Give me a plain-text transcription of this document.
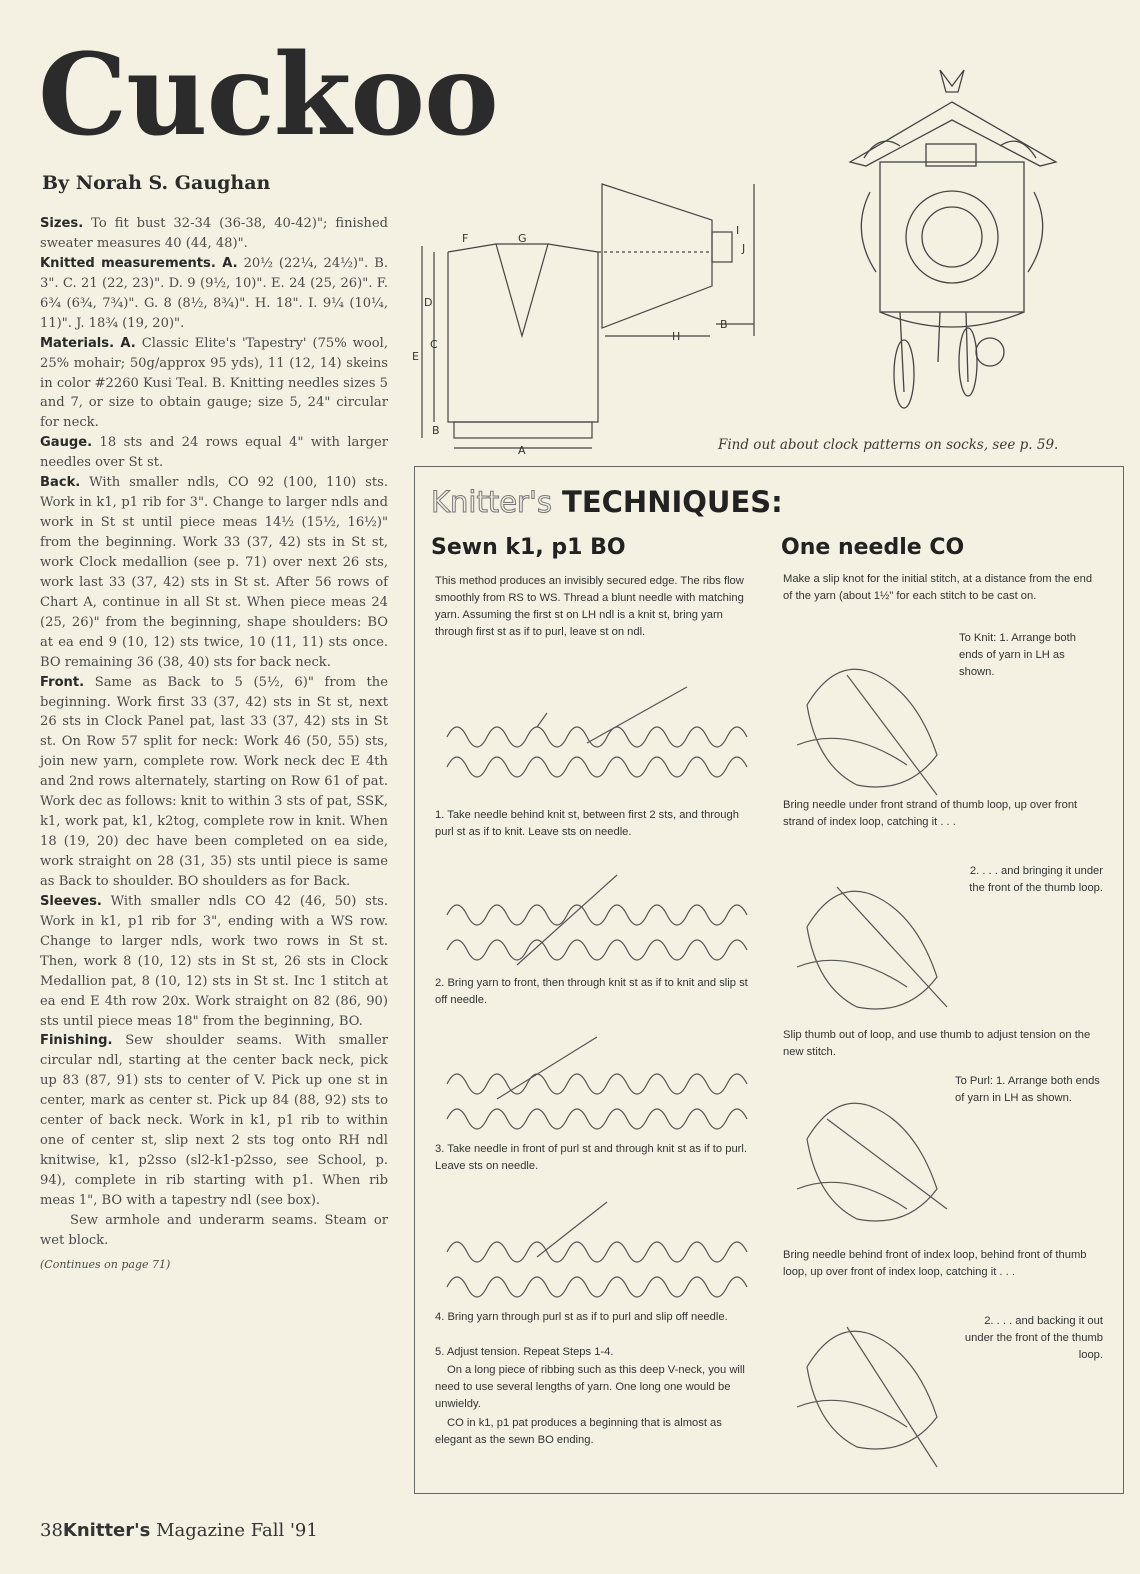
Cuckoo
By Norah S. Gaughan

Sizes. To fit bust 32-34 (36-38, 40-42)"; finished sweater measures 40 (44, 48)".

Knitted measurements. A. 20½ (22¼, 24½)". B. 3". C. 21 (22, 23)". D. 9 (9½, 10)". E. 24 (25, 26)". F. 6¾ (6¾, 7¾)". G. 8 (8½, 8¾)". H. 18". I. 9¼ (10¼, 11)". J. 18¾ (19, 20)".

Materials. A. Classic Elite's 'Tapestry' (75% wool, 25% mohair; 50g/approx 95 yds), 11 (12, 14) skeins in color #2260 Kusi Teal. B. Knitting needles sizes 5 and 7, or size to obtain gauge; size 5, 24" circular for neck.

Gauge. 18 sts and 24 rows equal 4" with larger needles over St st.

Back. With smaller ndls, CO 92 (100, 110) sts. Work in k1, p1 rib for 3". Change to larger ndls and work in St st until piece meas 14½ (15½, 16½)" from the beginning. Work 33 (37, 42) sts in St st, work Clock medallion (see p. 71) over next 26 sts, work last 33 (37, 42) sts in St st. After 56 rows of Chart A, continue in all St st. When piece meas 24 (25, 26)" from the beginning, shape shoulders: BO at ea end 9 (10, 12) sts twice, 10 (11, 11) sts once. BO remaining 36 (38, 40) sts for back neck.

Front. Same as Back to 5 (5½, 6)" from the beginning. Work first 33 (37, 42) sts in St st, next 26 sts in Clock Panel pat, last 33 (37, 42) sts in St st. On Row 57 split for neck: Work 46 (50, 55) sts, join new yarn, complete row. Work neck dec E 4th and 2nd rows alternately, starting on Row 61 of pat. Work dec as follows: knit to within 3 sts of pat, SSK, k1, work pat, k1, k2tog, complete row in knit. When 18 (19, 20) dec have been completed on ea side, work straight on 28 (31, 35) sts until piece is same as Back to shoulder. BO shoulders as for Back.

Sleeves. With smaller ndls CO 42 (46, 50) sts. Work in k1, p1 rib for 3", ending with a WS row. Change to larger ndls, work two rows in St st. Then, work 8 (10, 12) sts in St st, 26 sts in Clock Medallion pat, 8 (10, 12) sts in St st. Inc 1 stitch at ea end E 4th row 20x. Work straight on 82 (86, 90) sts until piece meas 18" from the beginning, BO.

Finishing. Sew shoulder seams. With smaller circular ndl, starting at the center back neck, pick up 83 (87, 91) sts to center of V. Pick up one st in center, mark as center st. Pick up 84 (88, 92) sts to center of back neck. Work in k1, p1 rib to within one of center st, slip next 2 sts tog onto RH ndl knitwise, k1, p2sso (sl2-k1-p2sso, see School, p. 94), complete in rib starting with p1. When rib meas 1", BO with a tapestry ndl (see box).

Sew armhole and underarm seams. Steam or wet block.

(Continues on page 71)

38Knitter's Magazine Fall '91
F	G
D
C
E
B
A
H
B
I
J
Find out about clock patterns on socks, see p. 59.
Knitter's TECHNIQUES:
Sewn k1, p1 BO
This method produces an invisibly secured edge. The ribs flow smoothly from RS to WS. Thread a blunt needle with matching yarn. Assuming the first st on LH ndl is a knit st, bring yarn through first st as if to purl, leave st on ndl.
1. Take needle behind knit st, between first 2 sts, and through purl st as if to knit. Leave sts on needle.
2. Bring yarn to front, then through knit st as if to knit and slip st off needle.
3. Take needle in front of purl st and through knit st as if to purl. Leave sts on needle.
4. Bring yarn through purl st as if to purl and slip off needle.
5. Adjust tension. Repeat Steps 1-4.
On a long piece of ribbing such as this deep V-neck, you will need to use several lengths of yarn. One long one would be unwieldy.
CO in k1, p1 pat produces a beginning that is almost as elegant as the sewn BO ending.
One needle CO
Make a slip knot for the initial stitch, at a distance from the end of the yarn (about 1½" for each stitch to be cast on.
To Knit: 1. Arrange both ends of yarn in LH as shown.
Bring needle under front strand of thumb loop, up over front strand of index loop, catching it . . .
2. . . . and bringing it under the front of the thumb loop.
Slip thumb out of loop, and use thumb to adjust tension on the new stitch.
To Purl: 1. Arrange both ends of yarn in LH as shown.
Bring needle behind front of index loop, behind front of thumb loop, up over front of index loop, catching it . . .
2. . . . and backing it out under the front of the thumb loop.
